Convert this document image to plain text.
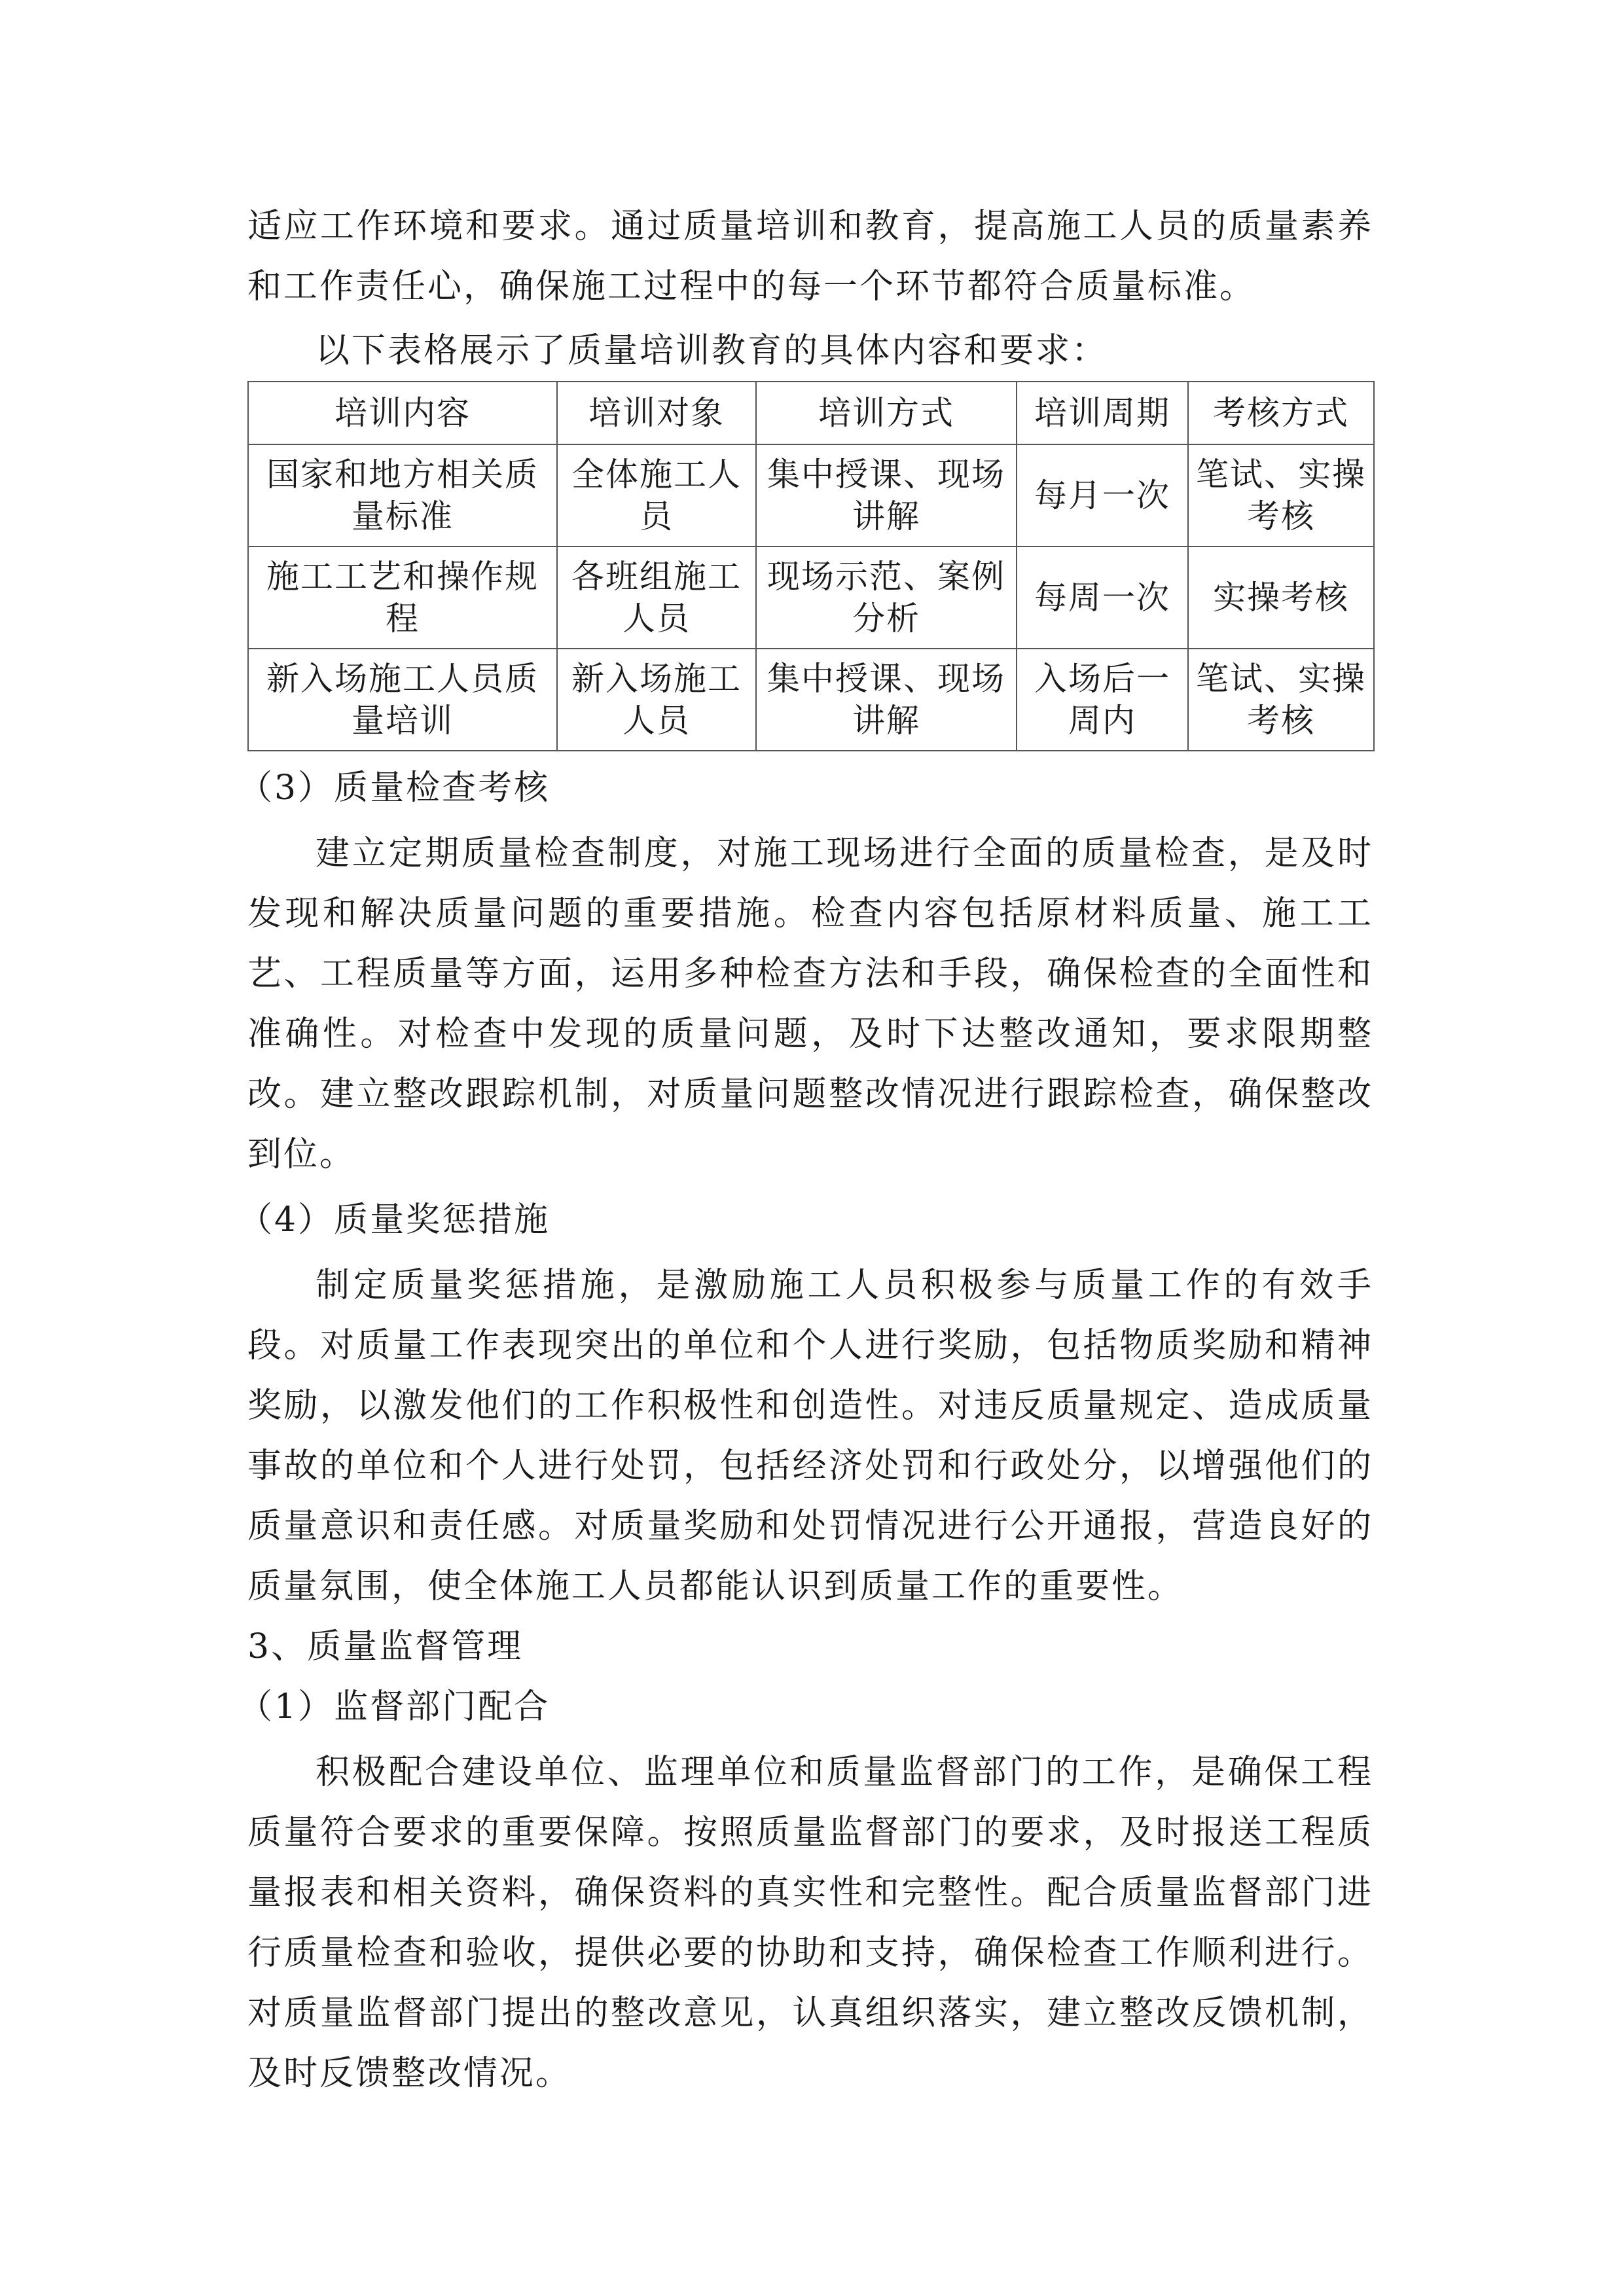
适应工作环境和要求。通过质量培训和教育，提高施工人员的质量素养和工作责任心，确保施工过程中的每一个环节都符合质量标准。

以下表格展示了质量培训教育的具体内容和要求：

培训内容	培训对象	培训方式	培训周期	考核方式
国家和地方相关质量标准	全体施工人员	集中授课、现场讲解	每月一次	笔试、实操考核
施工工艺和操作规程	各班组施工人员	现场示范、案例分析	每周一次	实操考核
新入场施工人员质量培训	新入场施工人员	集中授课、现场讲解	入场后一周内	笔试、实操考核

（3）质量检查考核

建立定期质量检查制度，对施工现场进行全面的质量检查，是及时发现和解决质量问题的重要措施。检查内容包括原材料质量、施工工艺、工程质量等方面，运用多种检查方法和手段，确保检查的全面性和准确性。对检查中发现的质量问题，及时下达整改通知，要求限期整改。建立整改跟踪机制，对质量问题整改情况进行跟踪检查，确保整改到位。

（4）质量奖惩措施

制定质量奖惩措施，是激励施工人员积极参与质量工作的有效手段。对质量工作表现突出的单位和个人进行奖励，包括物质奖励和精神奖励，以激发他们的工作积极性和创造性。对违反质量规定、造成质量事故的单位和个人进行处罚，包括经济处罚和行政处分，以增强他们的质量意识和责任感。对质量奖励和处罚情况进行公开通报，营造良好的质量氛围，使全体施工人员都能认识到质量工作的重要性。

3、质量监督管理

（1）监督部门配合

积极配合建设单位、监理单位和质量监督部门的工作，是确保工程质量符合要求的重要保障。按照质量监督部门的要求，及时报送工程质量报表和相关资料，确保资料的真实性和完整性。配合质量监督部门进行质量检查和验收，提供必要的协助和支持，确保检查工作顺利进行。对质量监督部门提出的整改意见，认真组织落实，建立整改反馈机制，及时反馈整改情况。
